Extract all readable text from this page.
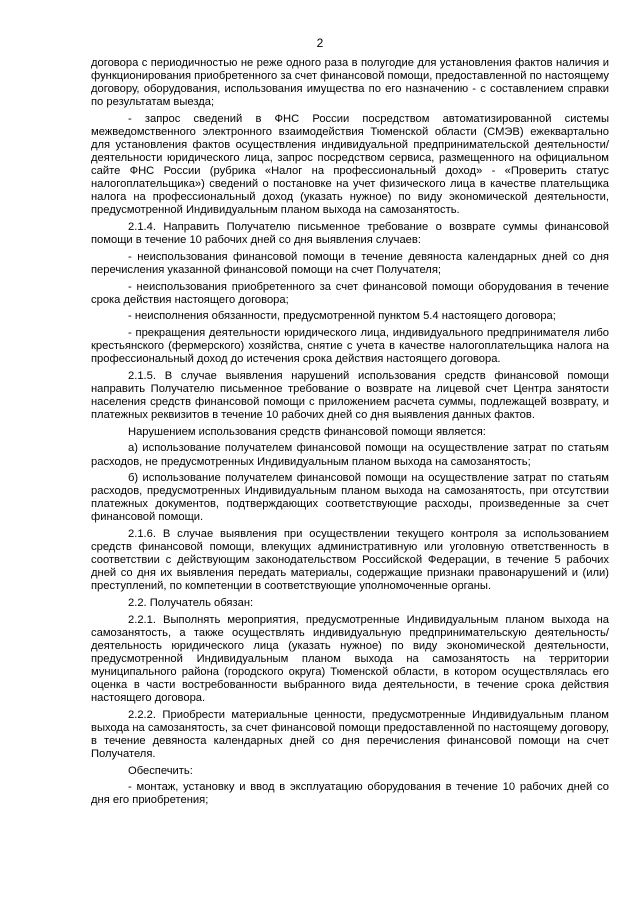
2

договора с периодичностью не реже одного раза в полугодие для установления фактов наличия и функционирования приобретенного за счет финансовой помощи, предоставленной по настоящему договору, оборудования, использования имущества по его назначению - с составлением справки по результатам выезда;

- запрос сведений в ФНС России посредством автоматизированной системы межведомственного электронного взаимодействия Тюменской области (СМЭВ) ежеквартально для установления фактов осуществления индивидуальной предпринимательской деятельности/деятельности юридического лица, запрос посредством сервиса, размещенного на официальном сайте ФНС России (рубрика «Налог на профессиональный доход» - «Проверить статус налогоплательщика») сведений о постановке на учет физического лица в качестве плательщика налога на профессиональный доход (указать нужное) по виду экономической деятельности, предусмотренной Индивидуальным планом выхода на самозанятость.

2.1.4. Направить Получателю письменное требование о возврате суммы финансовой помощи в течение 10 рабочих дней со дня выявления случаев:

- неиспользования финансовой помощи в течение девяноста календарных дней со дня перечисления указанной финансовой помощи на счет Получателя;

- неиспользования приобретенного за счет финансовой помощи оборудования в течение срока действия настоящего договора;

- неисполнения обязанности, предусмотренной пунктом 5.4 настоящего договора;

- прекращения деятельности юридического лица, индивидуального предпринимателя либо крестьянского (фермерского) хозяйства, снятие с учета в качестве налогоплательщика налога на профессиональный доход до истечения срока действия настоящего договора.

2.1.5. В случае выявления нарушений использования средств финансовой помощи направить Получателю письменное требование о возврате на лицевой счет Центра занятости населения средств финансовой помощи с приложением расчета суммы, подлежащей возврату, и платежных реквизитов в течение 10 рабочих дней со дня выявления данных фактов.

Нарушением использования средств финансовой помощи является:

а) использование получателем финансовой помощи на осуществление затрат по статьям расходов, не предусмотренных Индивидуальным планом выхода на самозанятость;

б) использование получателем финансовой помощи на осуществление затрат по статьям расходов, предусмотренных Индивидуальным планом выхода на самозанятость, при отсутствии платежных документов, подтверждающих соответствующие расходы, произведенные за счет финансовой помощи.

2.1.6. В случае выявления при осуществлении текущего контроля за использованием средств финансовой помощи, влекущих административную или уголовную ответственность в соответствии с действующим законодательством Российской Федерации, в течение 5 рабочих дней со дня их выявления передать материалы, содержащие признаки правонарушений и (или) преступлений, по компетенции в соответствующие уполномоченные органы.

2.2. Получатель обязан:

2.2.1. Выполнять мероприятия, предусмотренные Индивидуальным планом выхода на самозанятость, а также осуществлять индивидуальную предпринимательскую деятельность/деятельность юридического лица (указать нужное) по виду экономической деятельности, предусмотренной Индивидуальным планом выхода на самозанятость на территории муниципального района (городского округа) Тюменской области, в котором осуществлялась его оценка в части востребованности выбранного вида деятельности, в течение срока действия настоящего договора.

2.2.2. Приобрести материальные ценности, предусмотренные Индивидуальным планом выхода на самозанятость, за счет финансовой помощи предоставленной по настоящему договору, в течение девяноста календарных дней со дня перечисления финансовой помощи на счет Получателя.

Обеспечить:

- монтаж, установку и ввод в эксплуатацию оборудования в течение 10 рабочих дней со дня его приобретения;
